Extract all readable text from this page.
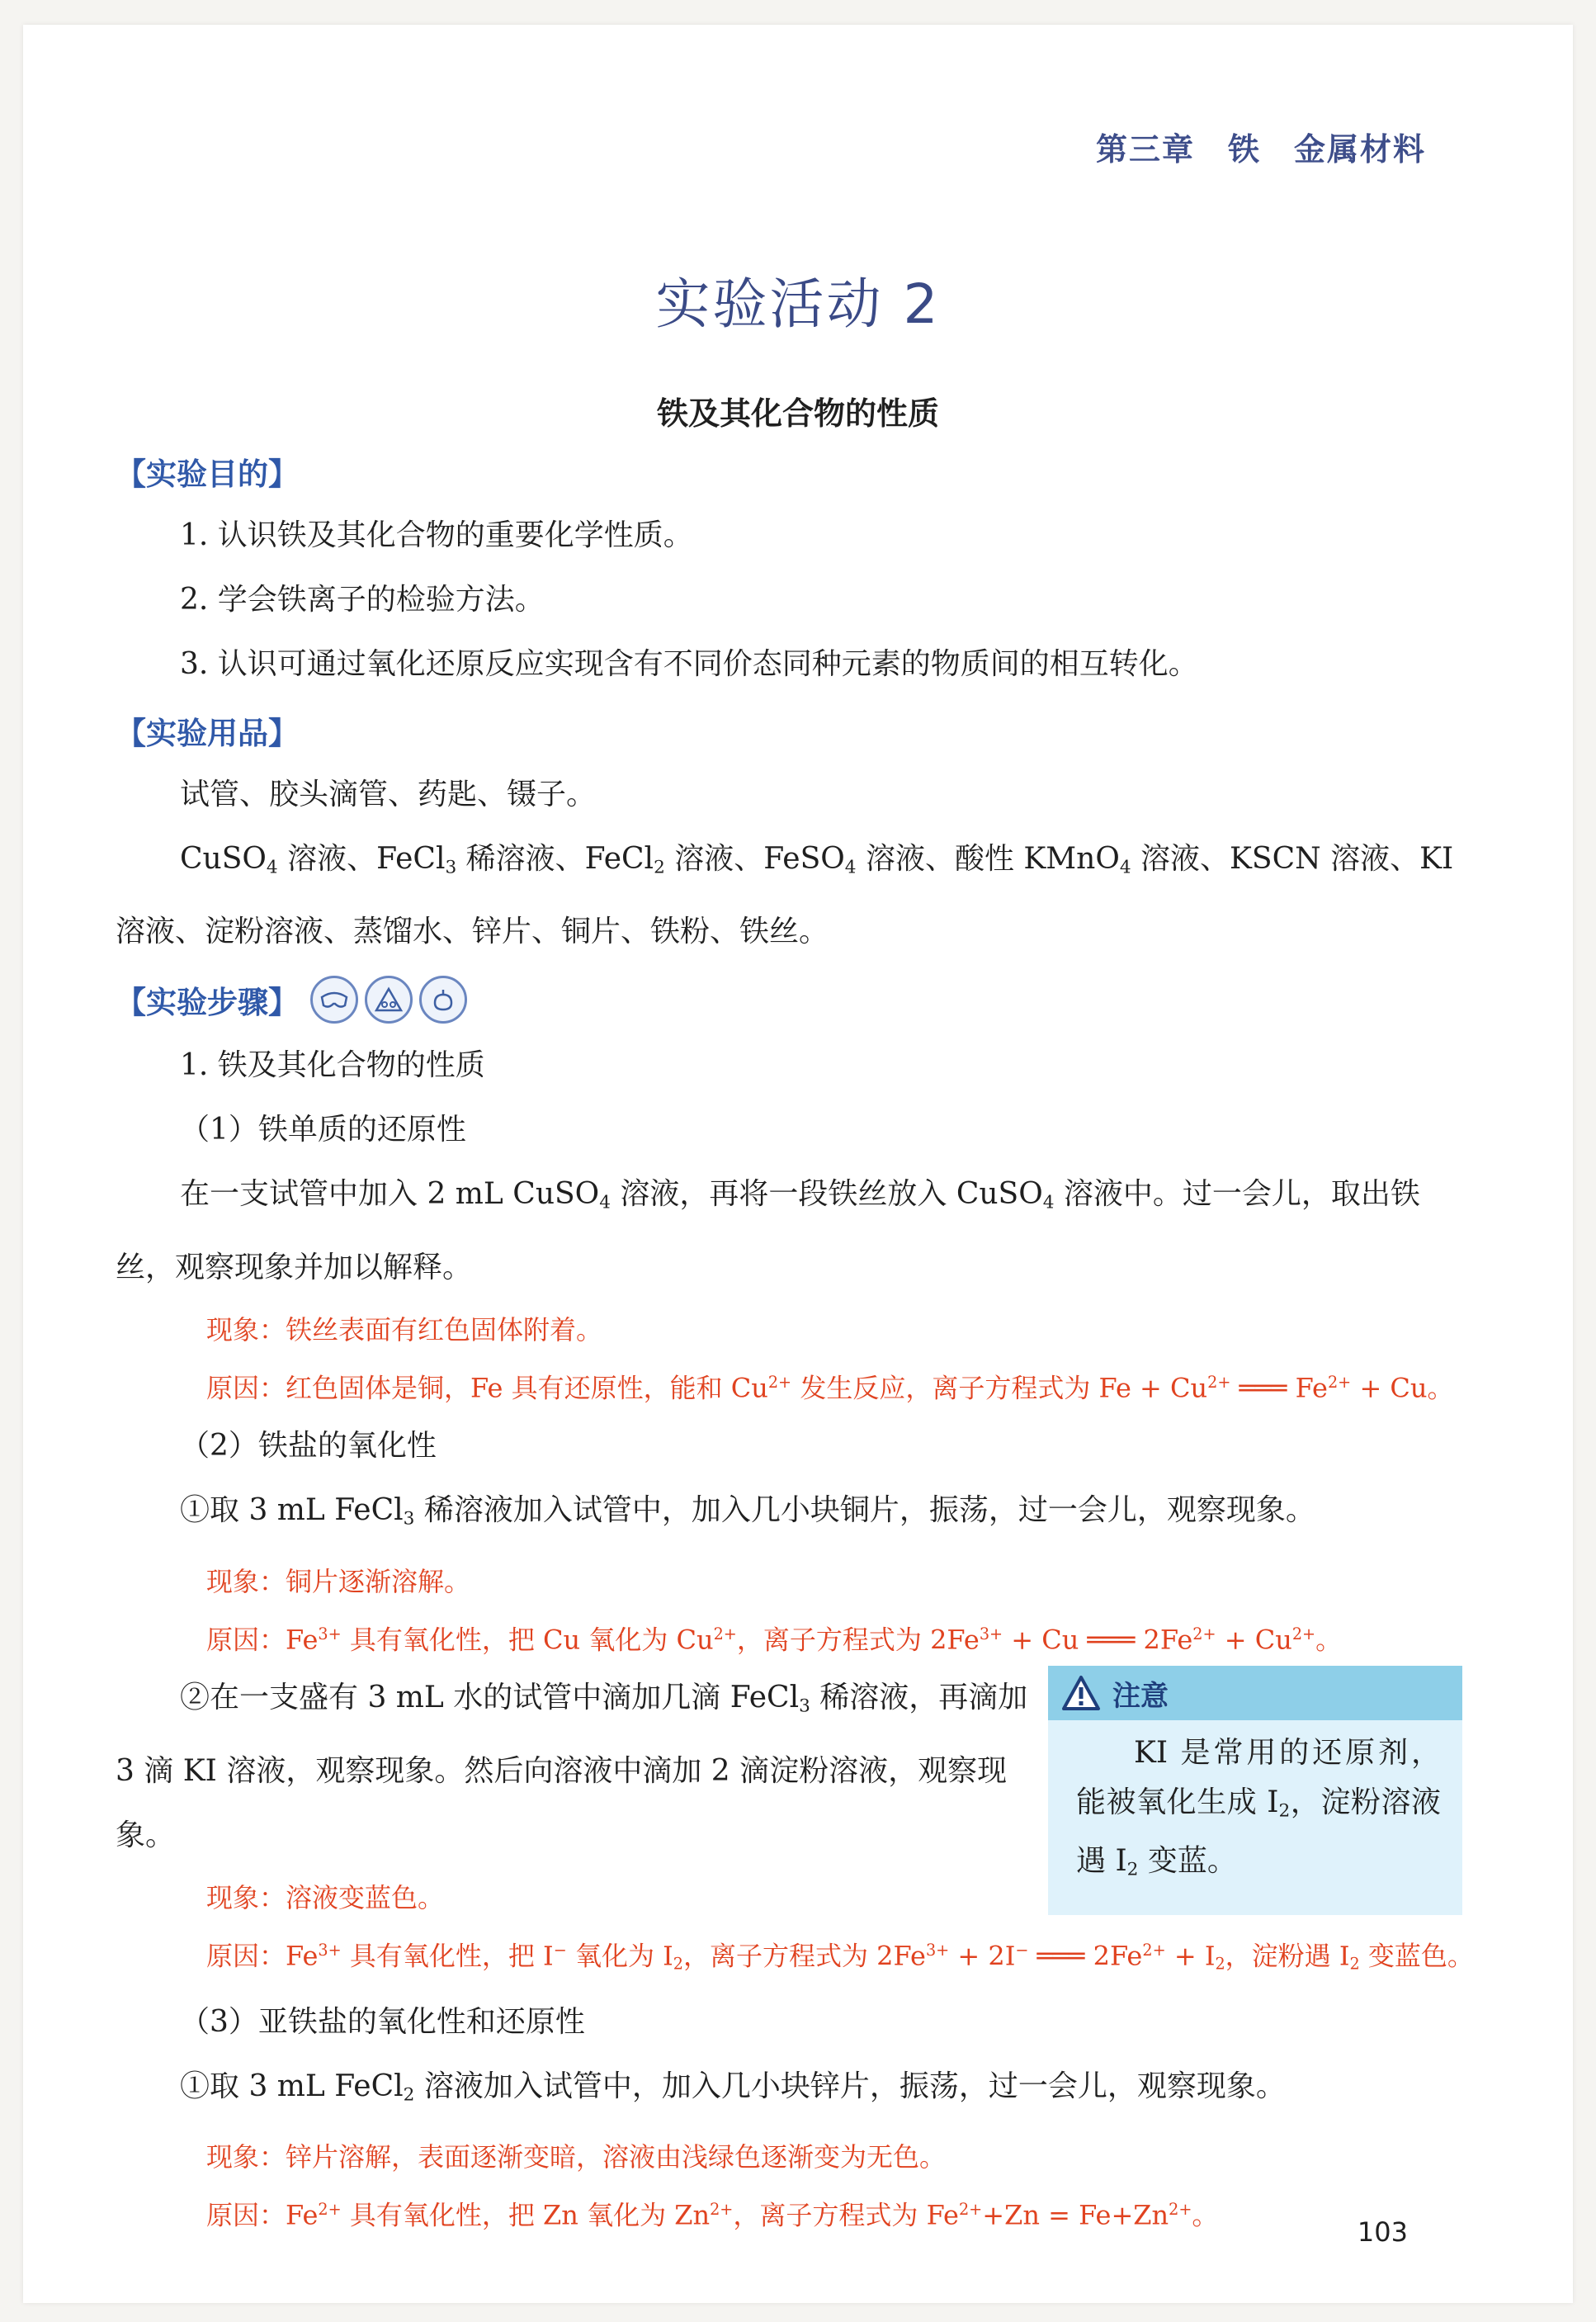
第三章 铁 金属材料
实验活动 2
铁及其化合物的性质
【实验目的】

1. 认识铁及其化合物的重要化学性质。

2. 学会铁离子的检验方法。

3. 认识可通过氧化还原反应实现含有不同价态同种元素的物质间的相互转化。

【实验用品】

试管、胶头滴管、药匙、镊子。

CuSO$_4$ 溶液、FeCl$_3$ 稀溶液、FeCl$_2$ 溶液、FeSO$_4$ 溶液、酸性 KMnO$_4$ 溶液、KSCN 溶液、KI 溶液、淀粉溶液、蒸馏水、锌片、铜片、铁粉、铁丝。

【实验步骤】

1. 铁及其化合物的性质

（1）铁单质的还原性

在一支试管中加入 2 mL CuSO$_4$ 溶液，再将一段铁丝放入 CuSO$_4$ 溶液中。过一会儿，取出铁丝，观察现象并加以解释。

现象：铁丝表面有红色固体附着。

原因：红色固体是铜，Fe 具有还原性，能和 $Cu^{2+}$ 发生反应，离子方程式为 $Fe + Cu^{2+}$ ═══ $Fe^{2+} + Cu$。

（2）铁盐的氧化性

①取 3 mL FeCl$_3$ 稀溶液加入试管中，加入几小块铜片，振荡，过一会儿，观察现象。

现象：铜片逐渐溶解。

原因：$Fe^{3+}$ 具有氧化性，把 Cu 氧化为 $Cu^{2+}$，离子方程式为 $2Fe^{3+} + Cu$ ═══ $2Fe^{2+} + Cu^{2+}$。

②在一支盛有 3 mL 水的试管中滴加几滴 FeCl$_3$ 稀溶液，再滴加 3 滴 KI 溶液，观察现象。然后向溶液中滴加 2 滴淀粉溶液，观察现象。

注意
KI 是常用的还原剂，能被氧化生成 $I_2$，淀粉溶液遇 $I_2$ 变蓝。

现象：溶液变蓝色。

原因：$Fe^{3+}$ 具有氧化性，把 I− 氧化为 $I_2$，离子方程式为 $2Fe^{3+} + 2I^-$ ═══ $2Fe^{2+} + I_2$，淀粉遇 $I_2$ 变蓝色。

（3）亚铁盐的氧化性和还原性

①取 3 mL FeCl$_2$ 溶液加入试管中，加入几小块锌片，振荡，过一会儿，观察现象。

现象：锌片溶解，表面逐渐变暗，溶液由浅绿色逐渐变为无色。

原因：$Fe^{2+}$ 具有氧化性，把 Zn 氧化为 $Zn^{2+}$，离子方程式为 $Fe^{2+}+Zn = Fe+Zn^{2+}$。

103
